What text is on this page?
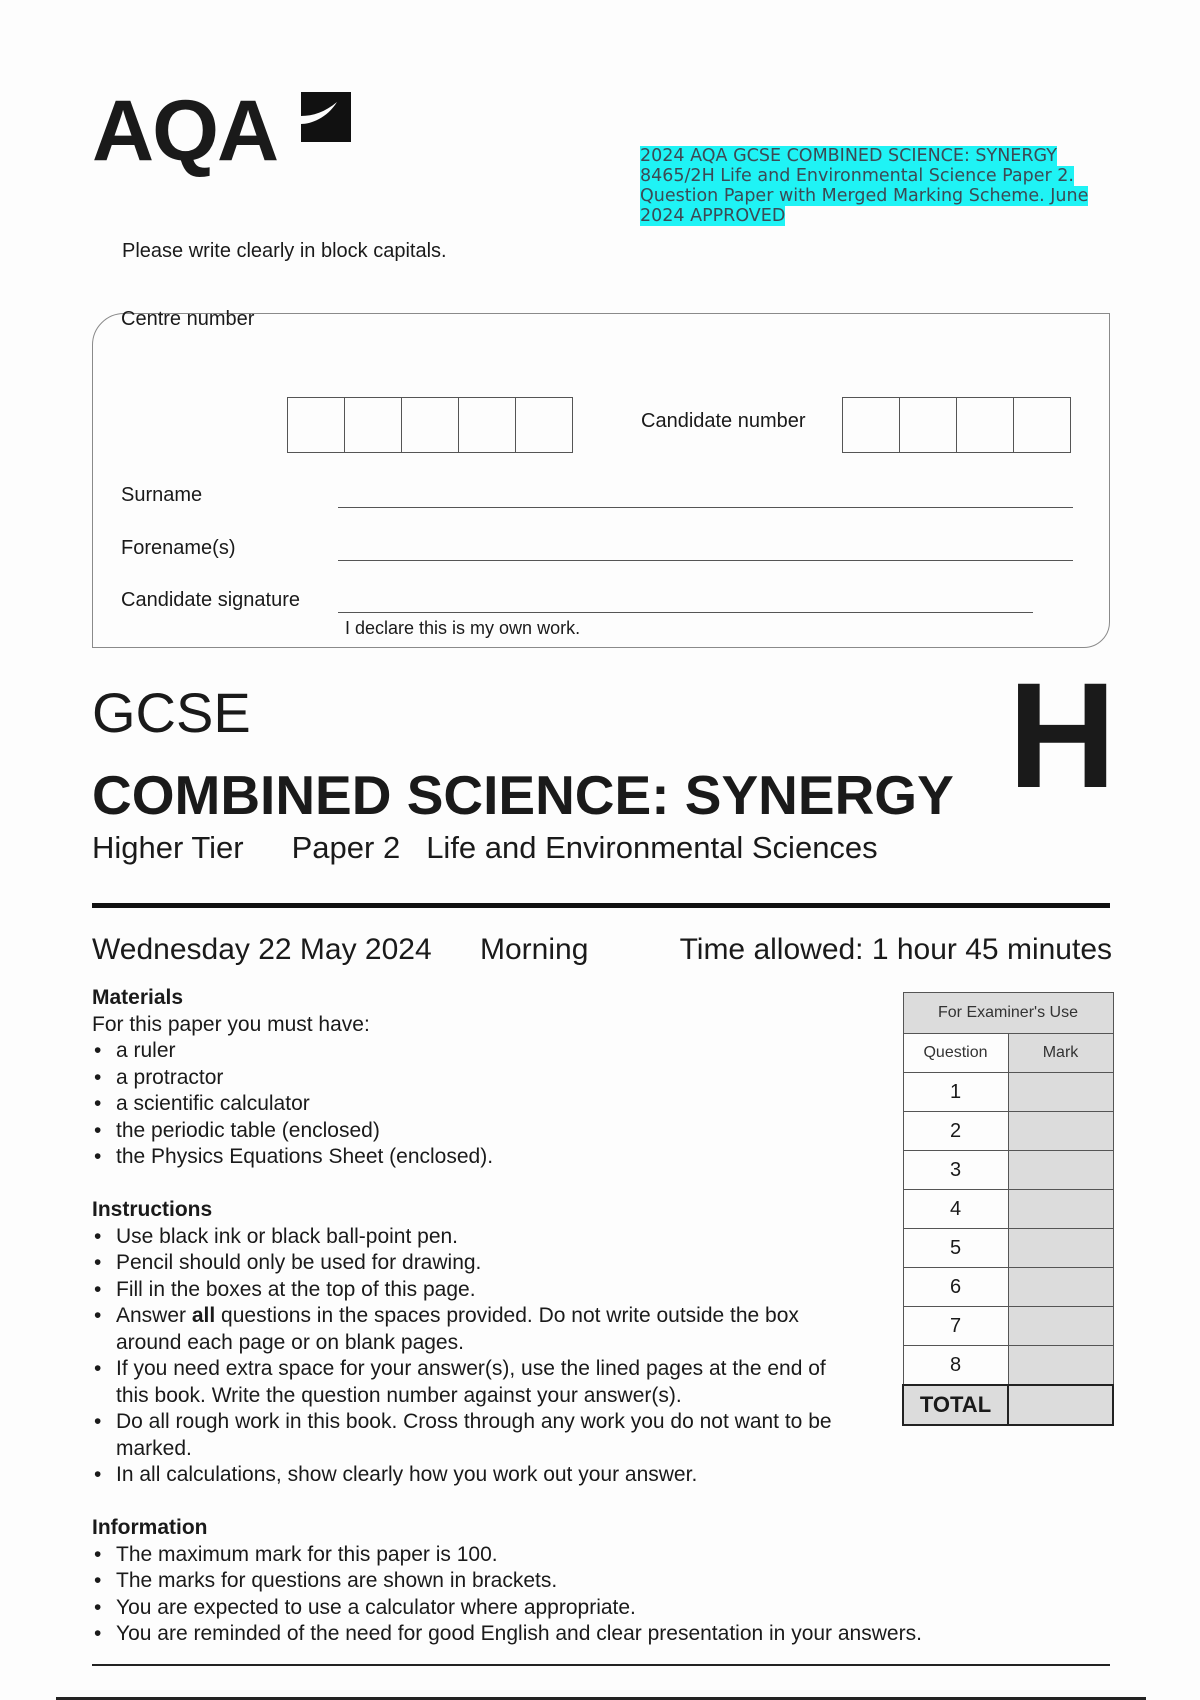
AQA	2024 AQA GCSE COMBINED SCIENCE: SYNERGY 8465/2H Life and Environmental Science Paper 2. Question Paper with Merged Marking Scheme. June 2024 APPROVED
Please write clearly in block capitals.
Centre number
Candidate number
Surname
Forename(s)
Candidate signature
I declare this is my own work.
GCSE
COMBINED SCIENCE: SYNERGY
Higher Tier Paper 2 Life and Environmental Sciences
H
Wednesday 22 May 2024 Morning	Time allowed: 1 hour 45 minutes
Materials
For this paper you must have:
• a ruler
• a protractor
• a scientific calculator
• the periodic table (enclosed)
• the Physics Equations Sheet (enclosed).
Instructions
• Use black ink or black ball-point pen.
• Pencil should only be used for drawing.
• Fill in the boxes at the top of this page.
• Answer all questions in the spaces provided. Do not write outside the box around each page or on blank pages.
• If you need extra space for your answer(s), use the lined pages at the end of this book. Write the question number against your answer(s).
• Do all rough work in this book. Cross through any work you do not want to be marked.
• In all calculations, show clearly how you work out your answer.
Information
• The maximum mark for this paper is 100.
• The marks for questions are shown in brackets.
• You are expected to use a calculator where appropriate.
• You are reminded of the need for good English and clear presentation in your answers.
For Examiner's Use	
Question	Mark
1	
2	
3	
4	
5	
6	
7	
8	
TOTAL	
